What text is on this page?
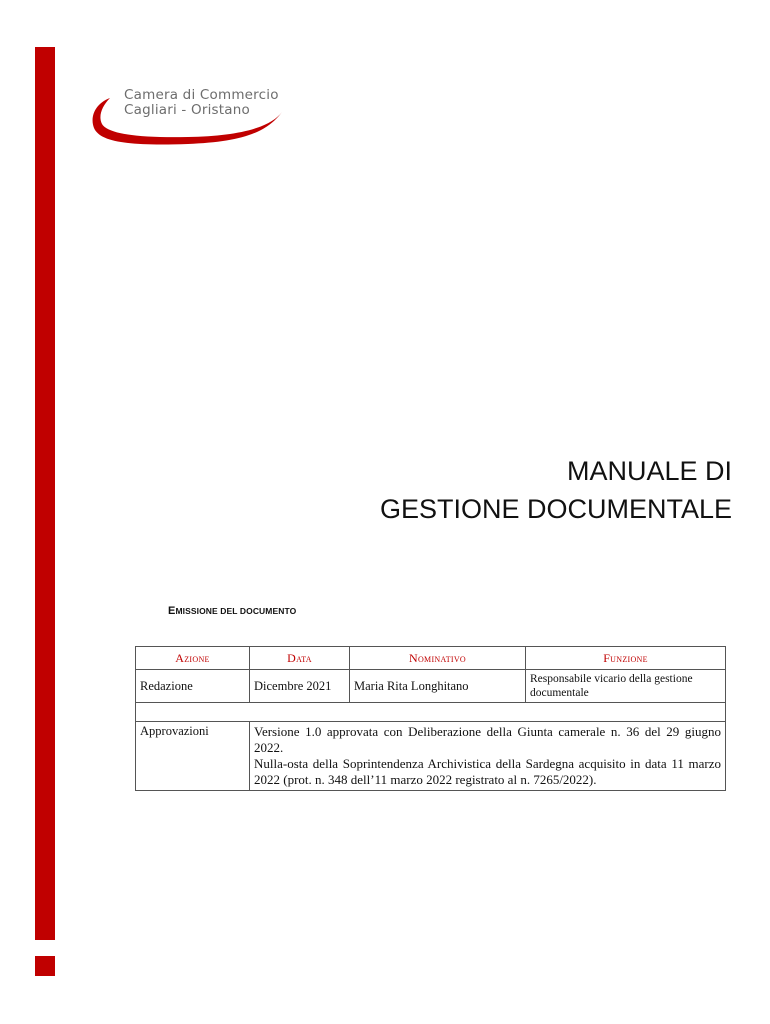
Camera di Commercio
Cagliari - Oristano
MANUALE DI
GESTIONE DOCUMENTALE
EMISSIONE DEL DOCUMENTO
Azione	Data	Nominativo	Funzione
Redazione	Dicembre 2021	Maria Rita Longhitano	Responsabile vicario della gestione documentale

Approvazioni	Versione 1.0 approvata con Deliberazione della Giunta camerale n. 36 del 29 giugno 2022.
Nulla-osta della Soprintendenza Archivistica della Sardegna acquisito in data 11 marzo 2022 (prot. n. 348 dell’11 marzo 2022 registrato al n. 7265/2022).		
